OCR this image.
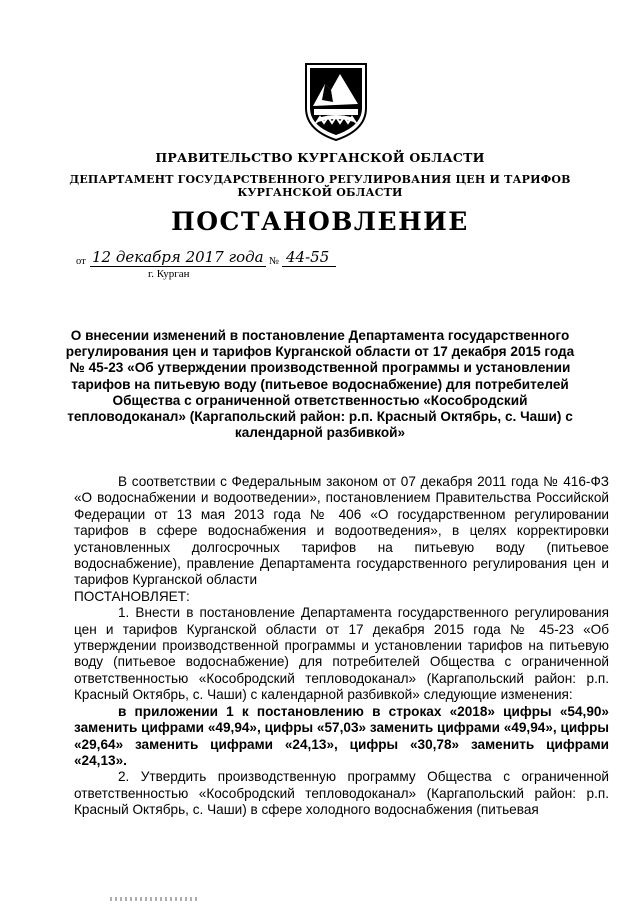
ПРАВИТЕЛЬСТВО КУРГАНСКОЙ ОБЛАСТИ
ДЕПАРТАМЕНТ ГОСУДАРСТВЕННОГО РЕГУЛИРОВАНИЯ ЦЕН И ТАРИФОВ
КУРГАНСКОЙ ОБЛАСТИ
ПОСТАНОВЛЕНИЕ
от 12 декабря 2017 года № 44-55
г. Курган
О внесении изменений в постановление Департамента государственного регулирования цен и тарифов Курганской области от 17 декабря 2015 года № 45-23 «Об утверждении производственной программы и установлении тарифов на питьевую воду (питьевое водоснабжение) для потребителей Общества с ограниченной ответственностью «Кособродский тепловодоканал» (Каргапольский район: р.п. Красный Октябрь, с. Чаши) с календарной разбивкой»

В соответствии с Федеральным законом от 07 декабря 2011 года № 416-ФЗ «О водоснабжении и водоотведении», постановлением Правительства Российской Федерации от 13 мая 2013 года № 406 «О государственном регулировании тарифов в сфере водоснабжения и водоотведения», в целях корректировки установленных долгосрочных тарифов на питьевую воду (питьевое водоснабжение), правление Департамента государственного регулирования цен и тарифов Курганской области

ПОСТАНОВЛЯЕТ:

1. Внести в постановление Департамента государственного регулирования цен и тарифов Курганской области от 17 декабря 2015 года № 45-23 «Об утверждении производственной программы и установлении тарифов на питьевую воду (питьевое водоснабжение) для потребителей Общества с ограниченной ответственностью «Кособродский тепловодоканал» (Каргапольский район: р.п. Красный Октябрь, с. Чаши) с календарной разбивкой» следующие изменения:

в приложении 1 к постановлению в строках «2018» цифры «54,90» заменить цифрами «49,94», цифры «57,03» заменить цифрами «49,94», цифры «29,64» заменить цифрами «24,13», цифры «30,78» заменить цифрами «24,13».

2. Утвердить производственную программу Общества с ограниченной ответственностью «Кособродский тепловодоканал» (Каргапольский район: р.п. Красный Октябрь, с. Чаши) в сфере холодного водоснабжения (питьевая
